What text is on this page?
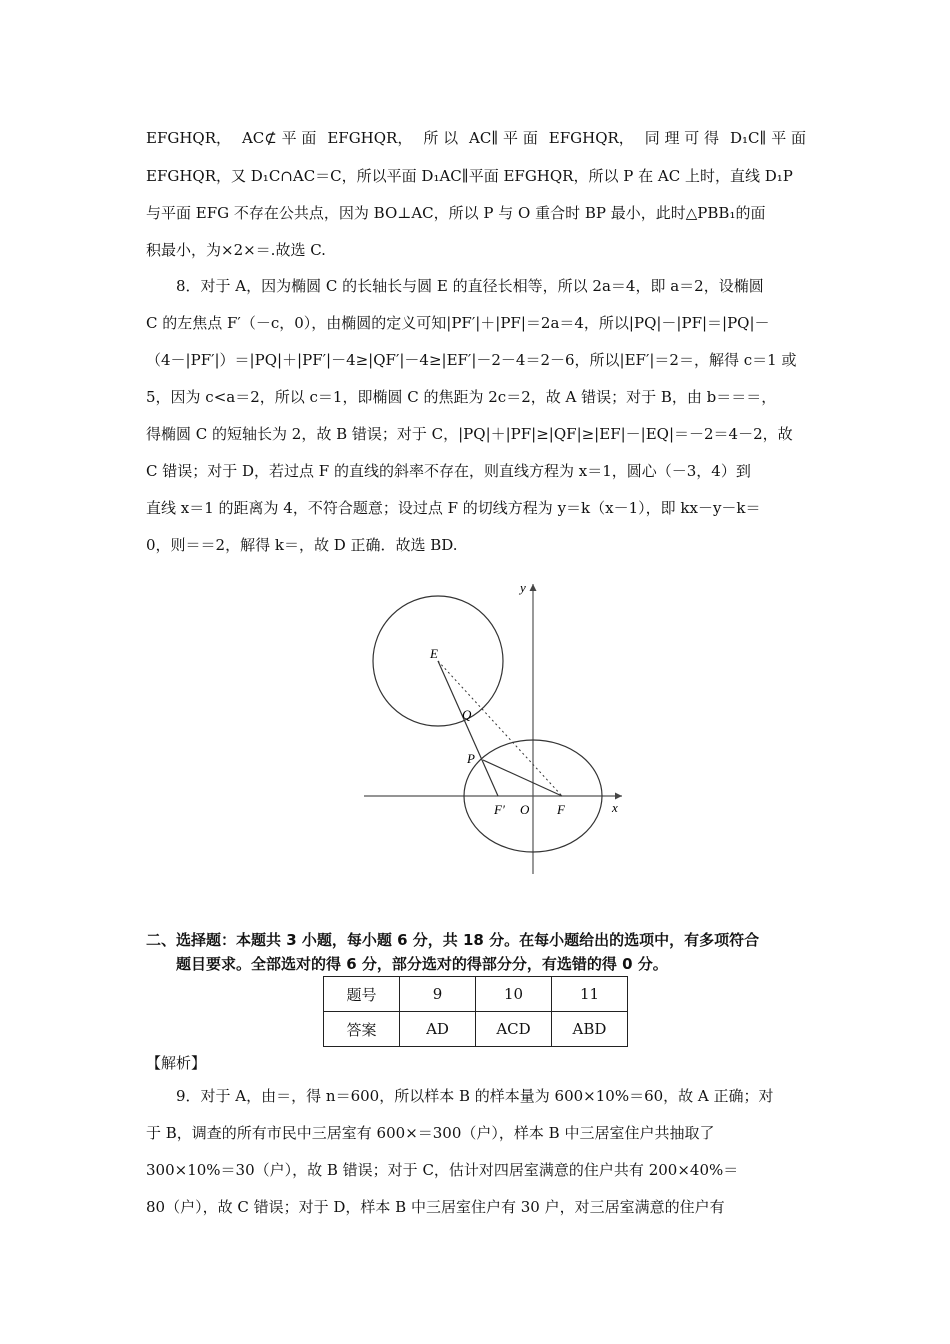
EFGHQR， AC⊄ 平 面 EFGHQR， 所 以 AC∥ 平 面 EFGHQR， 同 理 可 得 D₁C∥ 平 面
EFGHQR，又 D₁C∩AC＝C，所以平面 D₁AC∥平面 EFGHQR，所以 P 在 AC 上时，直线 D₁P
与平面 EFG 不存在公共点，因为 BO⊥AC，所以 P 与 O 重合时 BP 最小，此时△PBB₁的面
积最小，为×2×＝.故选 C.
8．对于 A，因为椭圆 C 的长轴长与圆 E 的直径长相等，所以 2a＝4，即 a＝2，设椭圆
C 的左焦点 F′（－c，0），由椭圆的定义可知|PF′|＋|PF|＝2a＝4，所以|PQ|－|PF|＝|PQ|－
（4－|PF′|）＝|PQ|＋|PF′|－4≥|QF′|－4≥|EF′|－2－4＝2－6，所以|EF′|＝2＝，解得 c＝1 或
5，因为 c<a＝2，所以 c＝1，即椭圆 C 的焦距为 2c＝2，故 A 错误；对于 B，由 b＝＝＝，
得椭圆 C 的短轴长为 2，故 B 错误；对于 C，|PQ|＋|PF|≥|QF|≥|EF|－|EQ|＝－2＝4－2，故
C 错误；对于 D，若过点 F 的直线的斜率不存在，则直线方程为 x＝1，圆心（－3，4）到
直线 x＝1 的距离为 4，不符合题意；设过点 F 的切线方程为 y＝k（x－1），即 kx－y－k＝
0，则＝＝2，解得 k＝，故 D 正确．故选 BD.
y
x
E
Q
P
F′ O F
二、选择题：本题共 3 小题，每小题 6 分，共 18 分。在每小题给出的选项中，有多项符合
题目要求。全部选对的得 6 分，部分选对的得部分分，有选错的得 0 分。
题号	9	10	11
答案	AD	ACD	ABD
【解析】
9．对于 A，由＝，得 n＝600，所以样本 B 的样本量为 600×10%＝60，故 A 正确；对
于 B，调查的所有市民中三居室有 600×＝300（户），样本 B 中三居室住户共抽取了
300×10%＝30（户），故 B 错误；对于 C，估计对四居室满意的住户共有 200×40%＝
80（户），故 C 错误；对于 D，样本 B 中三居室住户有 30 户，对三居室满意的住户有
